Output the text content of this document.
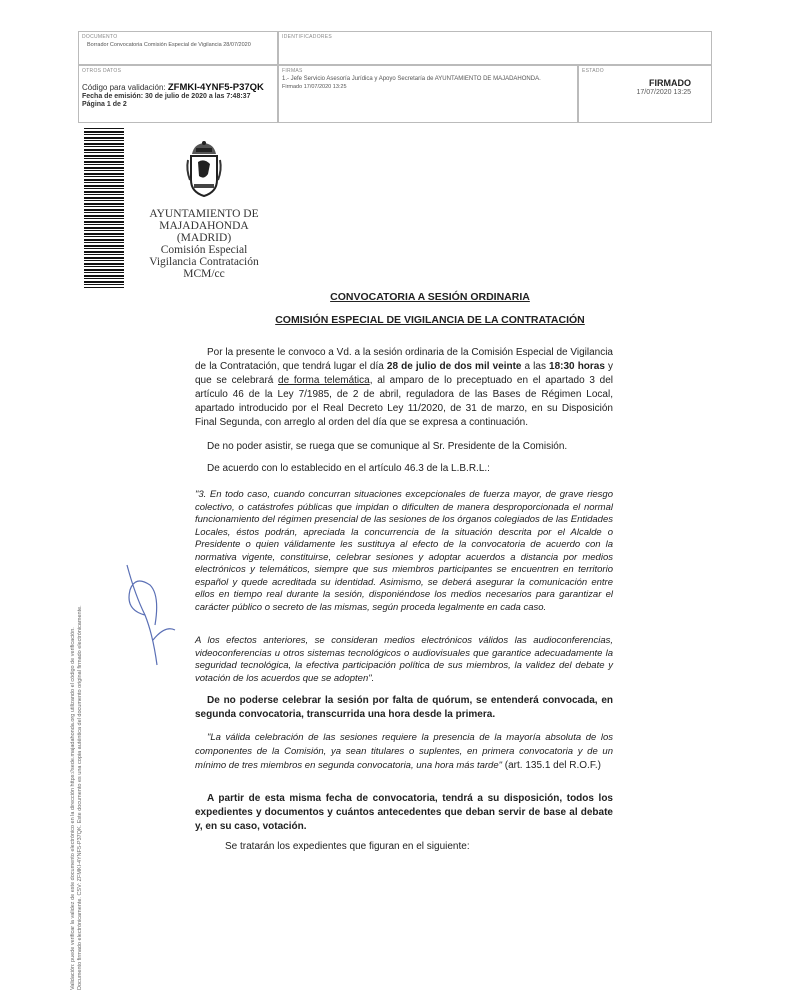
DOCUMENTO
Borrador Convocatoria Comisión Especial de Vigilancia 28/07/2020
IDENTIFICADORES
OTROS DATOS
Código para validación: ZFMKI-4YNF5-P37QK
Fecha de emisión: 30 de julio de 2020 a las 7:48:37
Página 1 de 2
FIRMAS
1.- Jefe Servicio Asesoría Jurídica y Apoyo Secretaría de AYUNTAMIENTO DE MAJADAHONDA.
Firmado 17/07/2020 13:25
ESTADO
FIRMADO
17/07/2020 13:25
Validación: puede verificar la validez de este documento electrónico en la dirección https://sede.majadahonda.org utilizando el código de verificación. Documento firmado electrónicamente. CSV: ZFMKI-4YNF5-P37QK. Este documento es una copia auténtica del documento original firmado electrónicamente.
AYUNTAMIENTO DE
MAJADAHONDA
(MADRID)
Comisión Especial
Vigilancia Contratación
MCM/cc
CONVOCATORIA A SESIÓN ORDINARIA
COMISIÓN ESPECIAL DE VIGILANCIA DE LA CONTRATACIÓN
Por la presente le convoco a Vd. a la sesión ordinaria de la Comisión Especial de Vigilancia de la Contratación, que tendrá lugar el día 28 de julio de dos mil veinte a las 18:30 horas y que se celebrará de forma telemática, al amparo de lo preceptuado en el apartado 3 del artículo 46 de la Ley 7/1985, de 2 de abril, reguladora de las Bases de Régimen Local, apartado introducido por el Real Decreto Ley 11/2020, de 31 de marzo, en su Disposición Final Segunda, con arreglo al orden del día que se expresa a continuación.
De no poder asistir, se ruega que se comunique al Sr. Presidente de la Comisión.
De acuerdo con lo establecido en el artículo 46.3 de la L.B.R.L.:
"3. En todo caso, cuando concurran situaciones excepcionales de fuerza mayor, de grave riesgo colectivo, o catástrofes públicas que impidan o dificulten de manera desproporcionada el normal funcionamiento del régimen presencial de las sesiones de los órganos colegiados de las Entidades Locales, éstos podrán, apreciada la concurrencia de la situación descrita por el Alcalde o Presidente o quien válidamente les sustituya al efecto de la convocatoria de acuerdo con la normativa vigente, constituirse, celebrar sesiones y adoptar acuerdos a distancia por medios electrónicos y telemáticos, siempre que sus miembros participantes se encuentren en territorio español y quede acreditada su identidad. Asimismo, se deberá asegurar la comunicación entre ellos en tiempo real durante la sesión, disponiéndose los medios necesarios para garantizar el carácter público o secreto de las mismas, según proceda legalmente en cada caso.
A los efectos anteriores, se consideran medios electrónicos válidos las audioconferencias, videoconferencias u otros sistemas tecnológicos o audiovisuales que garantice adecuadamente la seguridad tecnológica, la efectiva participación política de sus miembros, la validez del debate y votación de los acuerdos que se adopten".
De no poderse celebrar la sesión por falta de quórum, se entenderá convocada, en segunda convocatoria, transcurrida una hora desde la primera.
"La válida celebración de las sesiones requiere la presencia de la mayoría absoluta de los componentes de la Comisión, ya sean titulares o suplentes, en primera convocatoria y de un mínimo de tres miembros en segunda convocatoria, una hora más tarde" (art. 135.1 del R.O.F.)
A partir de esta misma fecha de convocatoria, tendrá a su disposición, todos los expedientes y documentos y cuántos antecedentes que deban servir de base al debate y, en su caso, votación.
Se tratarán los expedientes que figuran en el siguiente:
